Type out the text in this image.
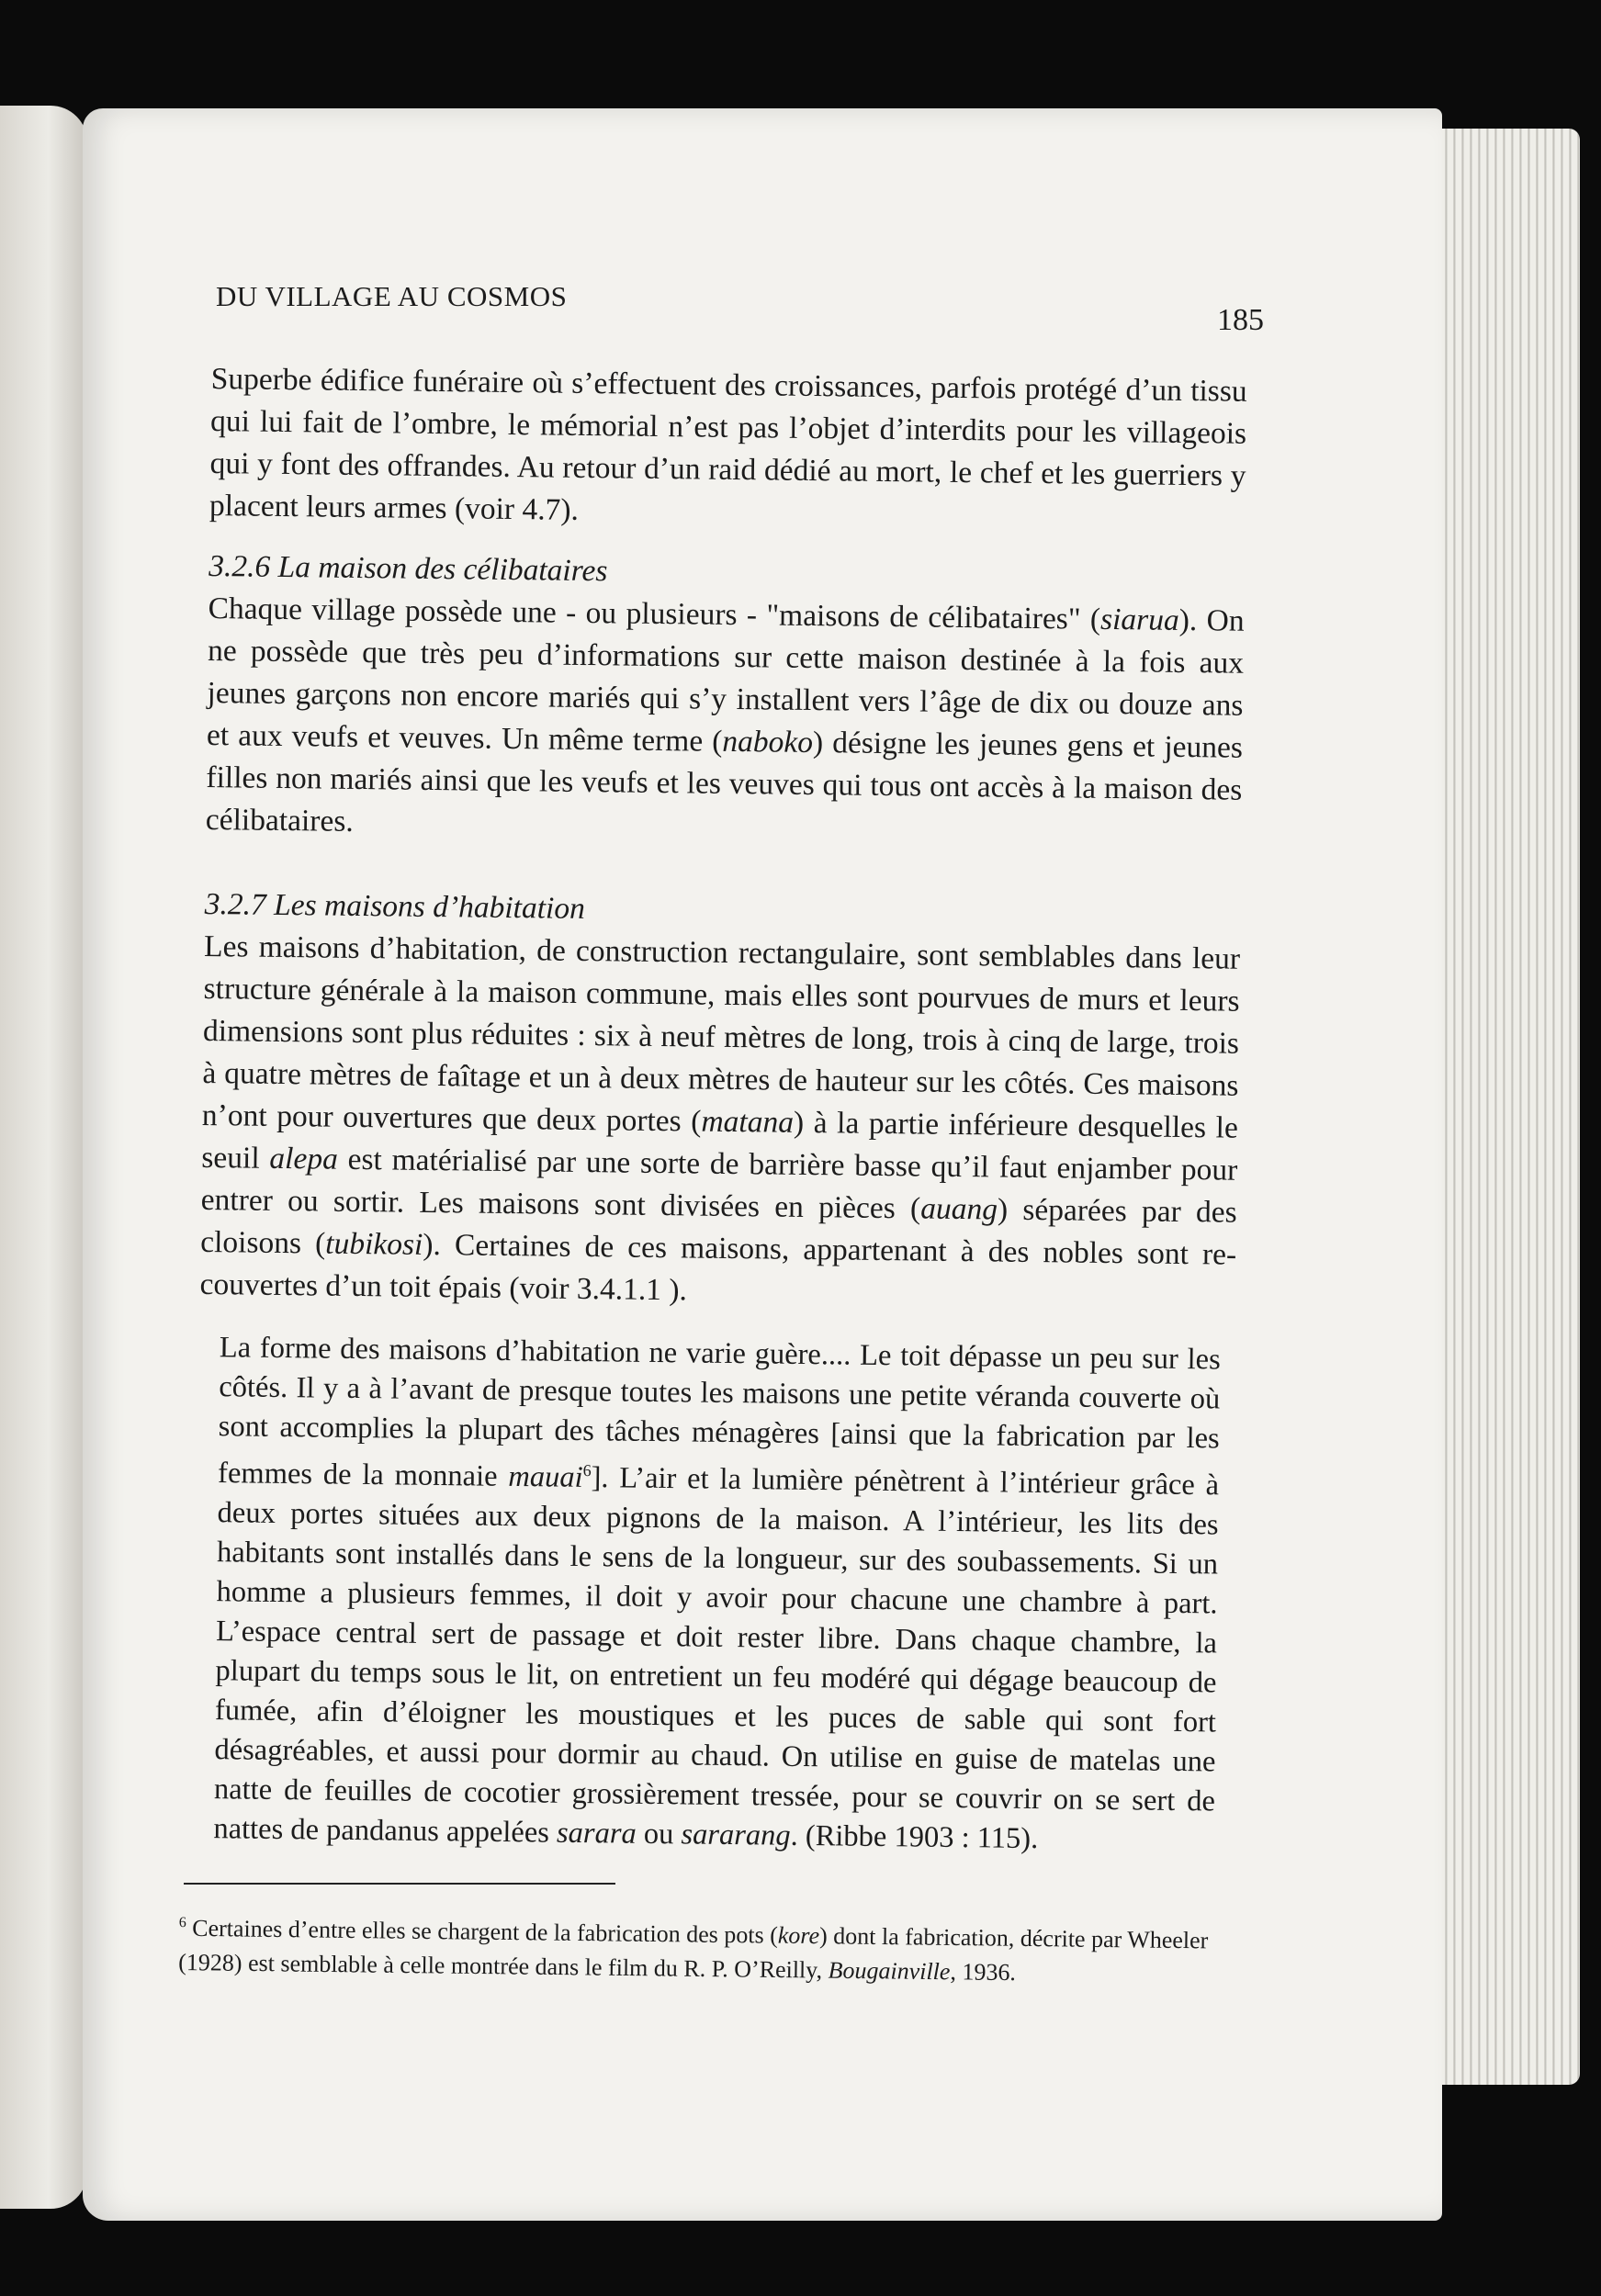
DU VILLAGE AU COSMOS
185

Superbe édifice funéraire où s’effectuent des croissances, parfois protégé d’un tissu qui lui fait de l’ombre, le mémorial n’est pas l’objet d’interdits pour les villageois qui y font des offrandes. Au retour d’un raid dédié au mort, le chef et les guerriers y placent leurs armes (voir 4.7).

3.2.6 La maison des célibataires

Chaque village possède une - ou plusieurs - "maisons de célibataires" (siarua). On ne possède que très peu d’informations sur cette maison destinée à la fois aux jeunes garçons non encore mariés qui s’y installent vers l’âge de dix ou douze ans et aux veufs et veuves. Un même terme (naboko) désigne les jeunes gens et jeunes filles non mariés ainsi que les veufs et les veuves qui tous ont accès à la maison des célibataires.

3.2.7 Les maisons d’habitation

Les maisons d’habitation, de construction rectangulaire, sont semblables dans leur structure générale à la maison commune, mais elles sont pourvues de murs et leurs dimensions sont plus réduites : six à neuf mètres de long, trois à cinq de large, trois à quatre mètres de faîtage et un à deux mètres de hauteur sur les côtés. Ces maisons n’ont pour ouvertures que deux portes (matana) à la partie inférieure desquelles le seuil alepa est matérialisé par une sorte de barrière basse qu’il faut enjamber pour entrer ou sortir. Les maisons sont divisées en pièces (auang) séparées par des cloisons (tubikosi). Certaines de ces maisons, appartenant à des nobles sont re-couvertes d’un toit épais (voir 3.4.1.1 ).

La forme des maisons d’habitation ne varie guère.... Le toit dépasse un peu sur les côtés. Il y a à l’avant de presque toutes les maisons une petite véranda couverte où sont accomplies la plupart des tâches ménagères [ainsi que la fabrication par les femmes de la monnaie mauai$^6$]. L’air et la lumière pénètrent à l’intérieur grâce à deux portes situées aux deux pignons de la maison. A l’intérieur, les lits des habitants sont installés dans le sens de la longueur, sur des soubassements. Si un homme a plusieurs femmes, il doit y avoir pour chacune une chambre à part. L’espace central sert de passage et doit rester libre. Dans chaque chambre, la plupart du temps sous le lit, on entretient un feu modéré qui dégage beaucoup de fumée, afin d’éloigner les moustiques et les puces de sable qui sont fort désagréables, et aussi pour dormir au chaud. On utilise en guise de matelas une natte de feuilles de cocotier grossièrement tressée, pour se couvrir on se sert de nattes de pandanus appelées sarara ou sararang. (Ribbe 1903 : 115).

$^6$ Certaines d’entre elles se chargent de la fabrication des pots (kore) dont la fabrication, décrite par Wheeler (1928) est semblable à celle montrée dans le film du R. P. O’Reilly, Bougainville, 1936.
